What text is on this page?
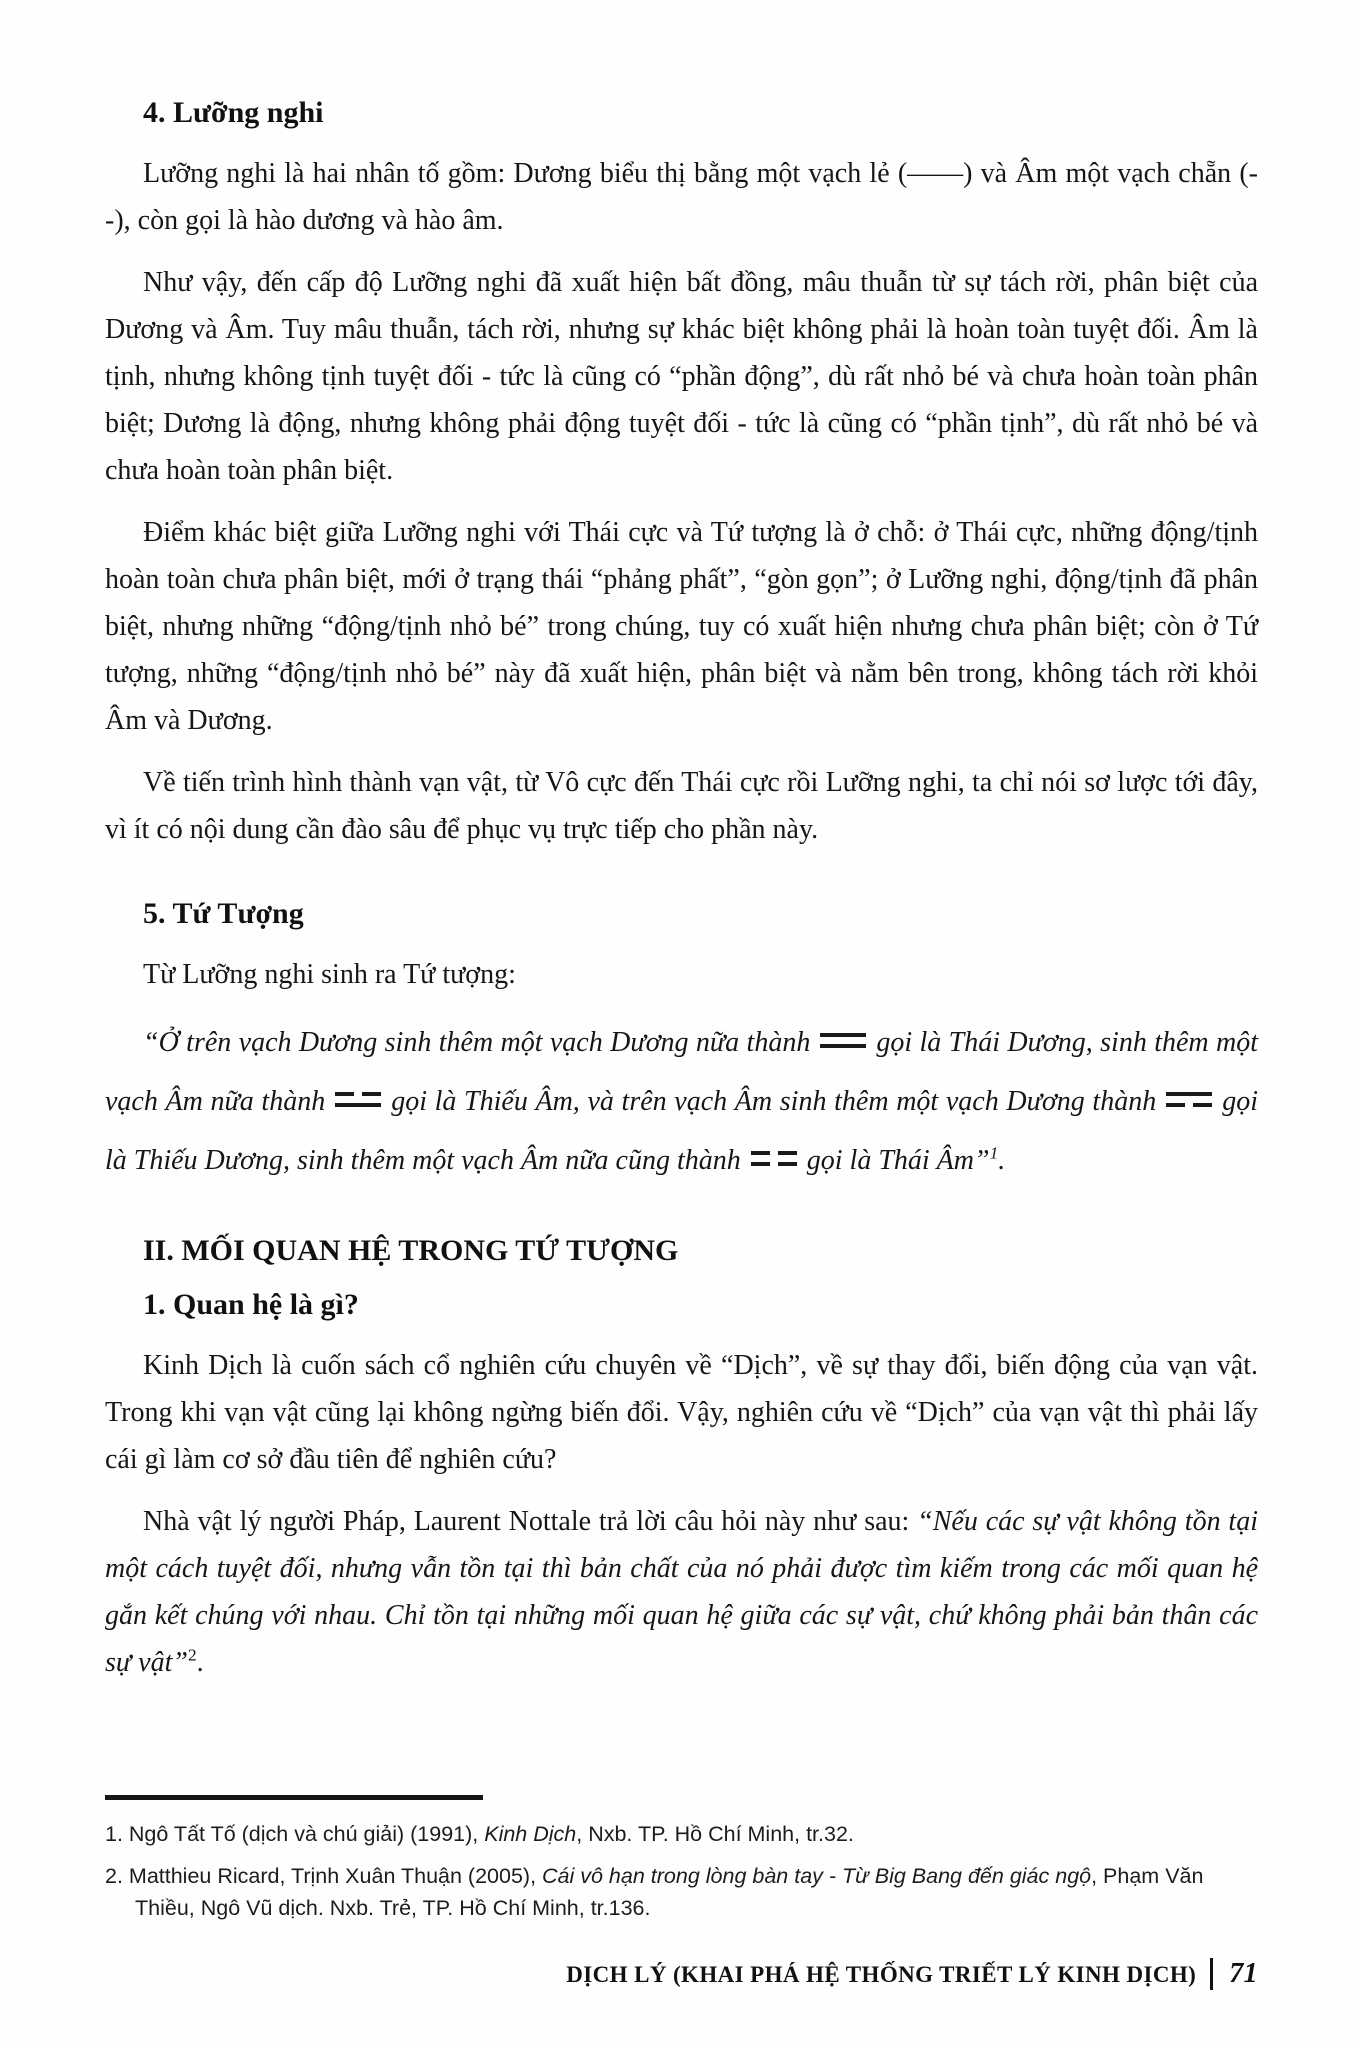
4. Lưỡng nghi

Lưỡng nghi là hai nhân tố gồm: Dương biểu thị bằng một vạch lẻ (——) và Âm một vạch chẵn (- -), còn gọi là hào dương và hào âm.

Như vậy, đến cấp độ Lưỡng nghi đã xuất hiện bất đồng, mâu thuẫn từ sự tách rời, phân biệt của Dương và Âm. Tuy mâu thuẫn, tách rời, nhưng sự khác biệt không phải là hoàn toàn tuyệt đối. Âm là tịnh, nhưng không tịnh tuyệt đối - tức là cũng có “phần động”, dù rất nhỏ bé và chưa hoàn toàn phân biệt; Dương là động, nhưng không phải động tuyệt đối - tức là cũng có “phần tịnh”, dù rất nhỏ bé và chưa hoàn toàn phân biệt.

Điểm khác biệt giữa Lưỡng nghi với Thái cực và Tứ tượng là ở chỗ: ở Thái cực, những động/tịnh hoàn toàn chưa phân biệt, mới ở trạng thái “phảng phất”, “gòn gọn”; ở Lưỡng nghi, động/tịnh đã phân biệt, nhưng những “động/tịnh nhỏ bé” trong chúng, tuy có xuất hiện nhưng chưa phân biệt; còn ở Tứ tượng, những “động/tịnh nhỏ bé” này đã xuất hiện, phân biệt và nằm bên trong, không tách rời khỏi Âm và Dương.

Về tiến trình hình thành vạn vật, từ Vô cực đến Thái cực rồi Lưỡng nghi, ta chỉ nói sơ lược tới đây, vì ít có nội dung cần đào sâu để phục vụ trực tiếp cho phần này.

5. Tứ Tượng

Từ Lưỡng nghi sinh ra Tứ tượng:

“Ở trên vạch Dương sinh thêm một vạch Dương nữa thành gọi là Thái Dương, sinh thêm một vạch Âm nữa thành gọi là Thiếu Âm, và trên vạch Âm sinh thêm một vạch Dương thành gọi là Thiếu Dương, sinh thêm một vạch Âm nữa cũng thành gọi là Thái Âm”$^1$.

II. MỐI QUAN HỆ TRONG TỨ TƯỢNG
1. Quan hệ là gì?

Kinh Dịch là cuốn sách cổ nghiên cứu chuyên về “Dịch”, về sự thay đổi, biến động của vạn vật. Trong khi vạn vật cũng lại không ngừng biến đổi. Vậy, nghiên cứu về “Dịch” của vạn vật thì phải lấy cái gì làm cơ sở đầu tiên để nghiên cứu?

Nhà vật lý người Pháp, Laurent Nottale trả lời câu hỏi này như sau: “Nếu các sự vật không tồn tại một cách tuyệt đối, nhưng vẫn tồn tại thì bản chất của nó phải được tìm kiếm trong các mối quan hệ gắn kết chúng với nhau. Chỉ tồn tại những mối quan hệ giữa các sự vật, chứ không phải bản thân các sự vật”$^2$.

1. Ngô Tất Tố (dịch và chú giải) (1991), Kinh Dịch, Nxb. TP. Hồ Chí Minh, tr.32.

2. Matthieu Ricard, Trịnh Xuân Thuận (2005), Cái vô hạn trong lòng bàn tay - Từ Big Bang đến giác ngộ, Phạm Văn Thiều, Ngô Vũ dịch. Nxb. Trẻ, TP. Hồ Chí Minh, tr.136.

DỊCH LÝ (KHAI PHÁ HỆ THỐNG TRIẾT LÝ KINH DỊCH) 71
